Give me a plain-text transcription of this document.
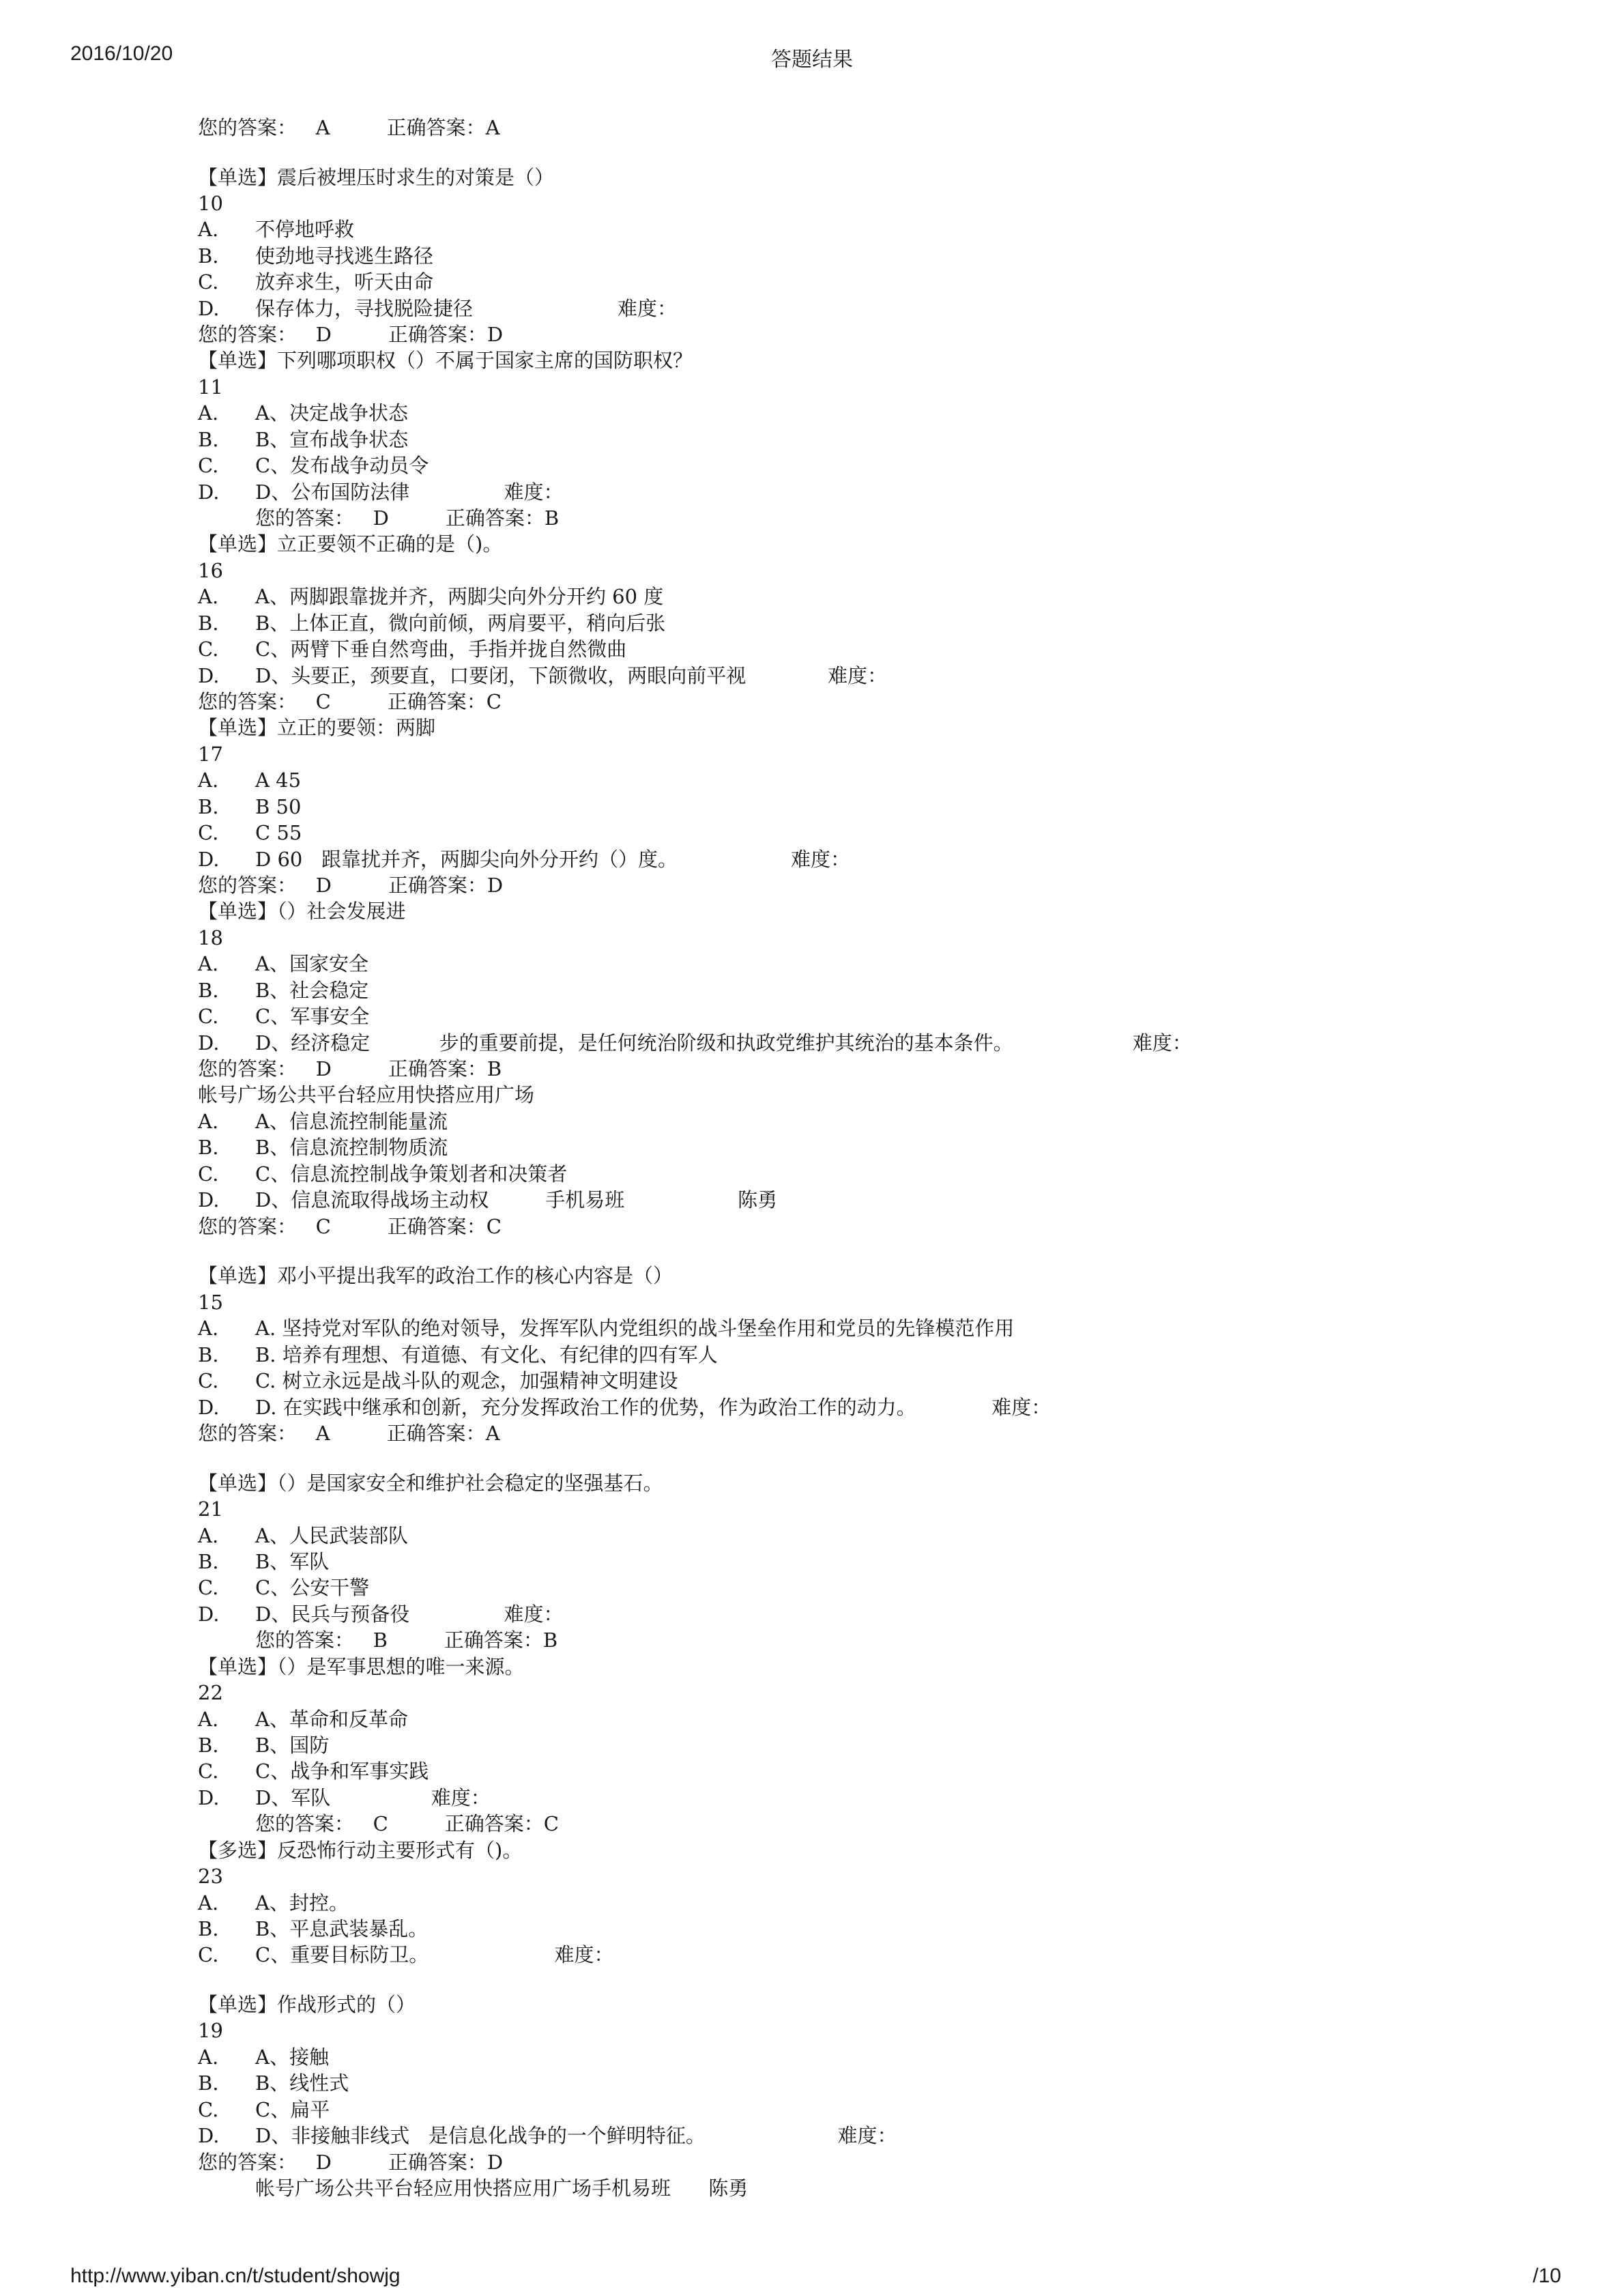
2016/10/20	答题结果
您的答案：   A         正确答案：A
【单选】震后被埋压时求生的对策是（）
10
A. 不停地呼救
B. 使劲地寻找逃生路径
C. 放弃求生，听天由命
D. 保存体力，寻找脱险捷径                       难度：
您的答案：   D         正确答案：D
【单选】下列哪项职权（）不属于国家主席的国防职权？
11
A. A、决定战争状态
B. B、宣布战争状态
C. C、发布战争动员令
D. D、公布国防法律               难度：
您的答案：   D         正确答案：B
【单选】立正要领不正确的是（)。
16
A. A、两脚跟靠拢并齐，两脚尖向外分开约 60 度
B. B、上体正直，微向前倾，两肩要平，稍向后张
C. C、两臂下垂自然弯曲，手指并拢自然微曲
D. D、头要正，颈要直，口要闭，下颌微收，两眼向前平视             难度：
您的答案：   C         正确答案：C
【单选】立正的要领：两脚
17
A. A 45
B. B 50
C. C 55
D. D 60   跟靠扰并齐，两脚尖向外分开约（）度。                  难度：
您的答案：   D         正确答案：D
【单选】（）社会发展进
18
A. A、国家安全
B. B、社会稳定
C. C、军事安全
D. D、经济稳定           步的重要前提，是任何统治阶级和执政党维护其统治的基本条件。                   难度：
您的答案：   D         正确答案：B
帐号广场公共平台轻应用快搭应用广场
A. A、信息流控制能量流
B. B、信息流控制物质流
C. C、信息流控制战争策划者和决策者
D. D、信息流取得战场主动权         手机易班                  陈勇
您的答案：   C         正确答案：C
【单选】邓小平提出我军的政治工作的核心内容是（）
15
A. A. 坚持党对军队的绝对领导，发挥军队内党组织的战斗堡垒作用和党员的先锋模范作用
B. B. 培养有理想、有道德、有文化、有纪律的四有军人
C. C. 树立永远是战斗队的观念，加强精神文明建设
D. D. 在实践中继承和创新，充分发挥政治工作的优势，作为政治工作的动力。            难度：
您的答案：   A         正确答案：A
【单选】（）是国家安全和维护社会稳定的坚强基石。
21
A. A、人民武装部队
B. B、军队
C. C、公安干警
D. D、民兵与预备役               难度：
您的答案：   B         正确答案：B
【单选】（）是军事思想的唯一来源。
22
A. A、革命和反革命
B. B、国防
C. C、战争和军事实践
D. D、军队                难度：
您的答案：   C         正确答案：C
【多选】反恐怖行动主要形式有（)。
23
A. A、封控。
B. B、平息武装暴乱。
C. C、重要目标防卫。                    难度：
【单选】作战形式的（）
19
A. A、接触
B. B、线性式
C. C、扁平
D. D、非接触非线式   是信息化战争的一个鲜明特征。                     难度：
您的答案：   D         正确答案：D
帐号广场公共平台轻应用快搭应用广场手机易班      陈勇
http://www.yiban.cn/t/student/showjg	/10
